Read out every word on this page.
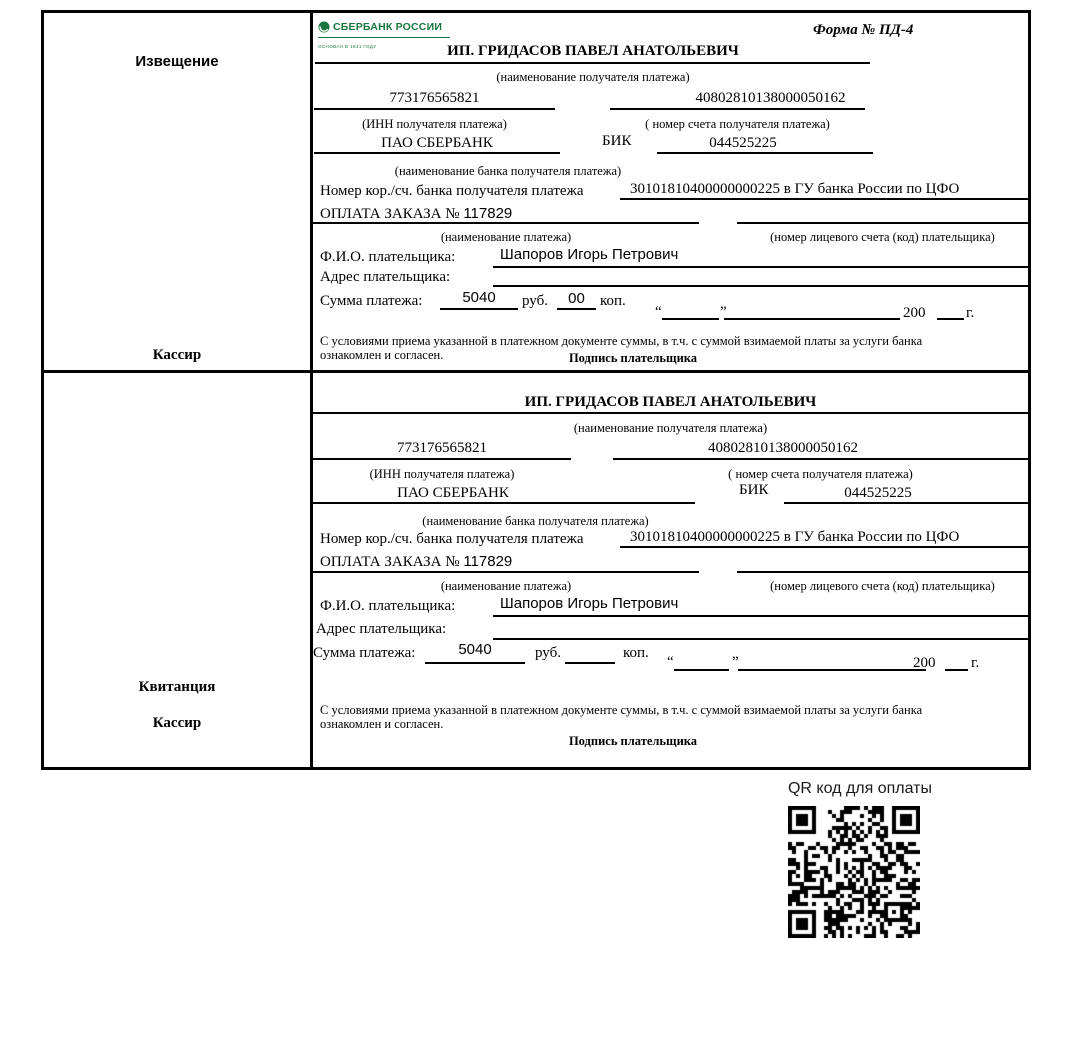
Извещение
Кассир
СБЕРБАНК РОССИИ
ОСНОВАН В 1841 ГОДУ
Форма № ПД-4
ИП. ГРИДАСОВ ПАВЕЛ АНАТОЛЬЕВИЧ
(наименование получателя платежа)
773176565821	40802810138000050162
(ИНН получателя платежа)	( номер счета получателя платежа)
ПАО СБЕРБАНК	БИК	044525225
(наименование банка получателя платежа)
Номер кор./сч. банка получателя платежа	30101810400000000225 в ГУ банка России по ЦФО
ОПЛАТА ЗАКАЗА № 117829
(наименование платежа)	(номер лицевого счета (код) плательщика)
Ф.И.О. плательщика:	Шапоров Игорь Петрович
Адрес плательщика:
Сумма платежа:	5040	руб.	00	коп.
“	”	200	г.
С условиями приема указанной в платежном документе суммы, в т.ч. с суммой взимаемой платы за услуги банка
ознакомлен и согласен.	Подпись плательщика
Квитанция
Кассир
ИП. ГРИДАСОВ ПАВЕЛ АНАТОЛЬЕВИЧ
(наименование получателя платежа)
773176565821	40802810138000050162
(ИНН получателя платежа)	( номер счета получателя платежа)
ПАО СБЕРБАНК	БИК	044525225
(наименование банка получателя платежа)
Номер кор./сч. банка получателя платежа	30101810400000000225 в ГУ банка России по ЦФО
ОПЛАТА ЗАКАЗА № 117829
(наименование платежа)	(номер лицевого счета (код) плательщика)
Ф.И.О. плательщика:	Шапоров Игорь Петрович
Адрес плательщика:
Сумма платежа:	5040	руб.	коп.
“	”	200 г.
С условиями приема указанной в платежном документе суммы, в т.ч. с суммой взимаемой платы за услуги банка
ознакомлен и согласен.
Подпись плательщика
QR код для оплаты
